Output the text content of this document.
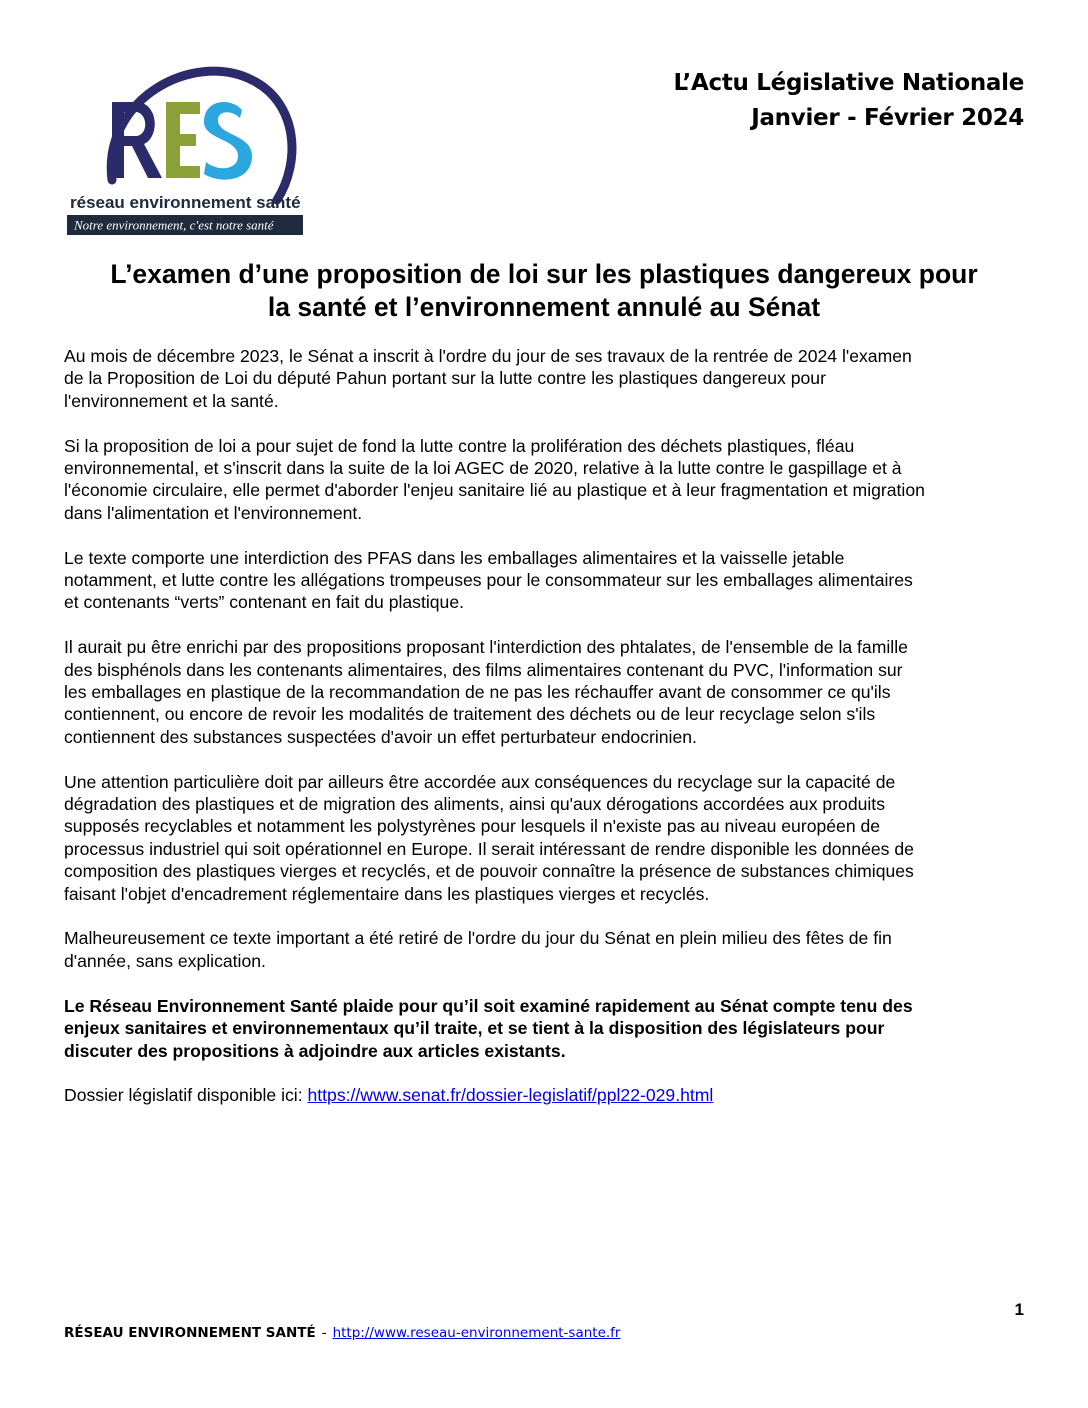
réseau environnement santé
Notre environnement, c'est notre santé
L’Actu Législative Nationale
Janvier - Février 2024
L’examen d’une proposition de loi sur les plastiques dangereux pour
la santé et l’environnement annulé au Sénat

Au mois de décembre 2023, le Sénat a inscrit à l'ordre du jour de ses travaux de la rentrée de 2024 l'examen
de la Proposition de Loi du député Pahun portant sur la lutte contre les plastiques dangereux pour
l'environnement et la santé.

Si la proposition de loi a pour sujet de fond la lutte contre la prolifération des déchets plastiques, fléau
environnemental, et s'inscrit dans la suite de la loi AGEC de 2020, relative à la lutte contre le gaspillage et à
l'économie circulaire, elle permet d'aborder l'enjeu sanitaire lié au plastique et à leur fragmentation et migration
dans l'alimentation et l'environnement.

Le texte comporte une interdiction des PFAS dans les emballages alimentaires et la vaisselle jetable
notamment, et lutte contre les allégations trompeuses pour le consommateur sur les emballages alimentaires
et contenants “verts” contenant en fait du plastique.

Il aurait pu être enrichi par des propositions proposant l'interdiction des phtalates, de l'ensemble de la famille
des bisphénols dans les contenants alimentaires, des films alimentaires contenant du PVC, l'information sur
les emballages en plastique de la recommandation de ne pas les réchauffer avant de consommer ce qu'ils
contiennent, ou encore de revoir les modalités de traitement des déchets ou de leur recyclage selon s'ils
contiennent des substances suspectées d'avoir un effet perturbateur endocrinien.

Une attention particulière doit par ailleurs être accordée aux conséquences du recyclage sur la capacité de
dégradation des plastiques et de migration des aliments, ainsi qu'aux dérogations accordées aux produits
supposés recyclables et notamment les polystyrènes pour lesquels il n'existe pas au niveau européen de
processus industriel qui soit opérationnel en Europe. Il serait intéressant de rendre disponible les données de
composition des plastiques vierges et recyclés, et de pouvoir connaître la présence de substances chimiques
faisant l'objet d'encadrement réglementaire dans les plastiques vierges et recyclés.

Malheureusement ce texte important a été retiré de l'ordre du jour du Sénat en plein milieu des fêtes de fin
d'année, sans explication.

Le Réseau Environnement Santé plaide pour qu’il soit examiné rapidement au Sénat compte tenu des
enjeux sanitaires et environnementaux qu’il traite, et se tient à la disposition des législateurs pour
discuter des propositions à adjoindre aux articles existants.

Dossier législatif disponible ici: https://www.senat.fr/dossier-legislatif/ppl22-029.html

1
RÉSEAU ENVIRONNEMENT SANTÉ - http://www.reseau-environnement-sante.fr
